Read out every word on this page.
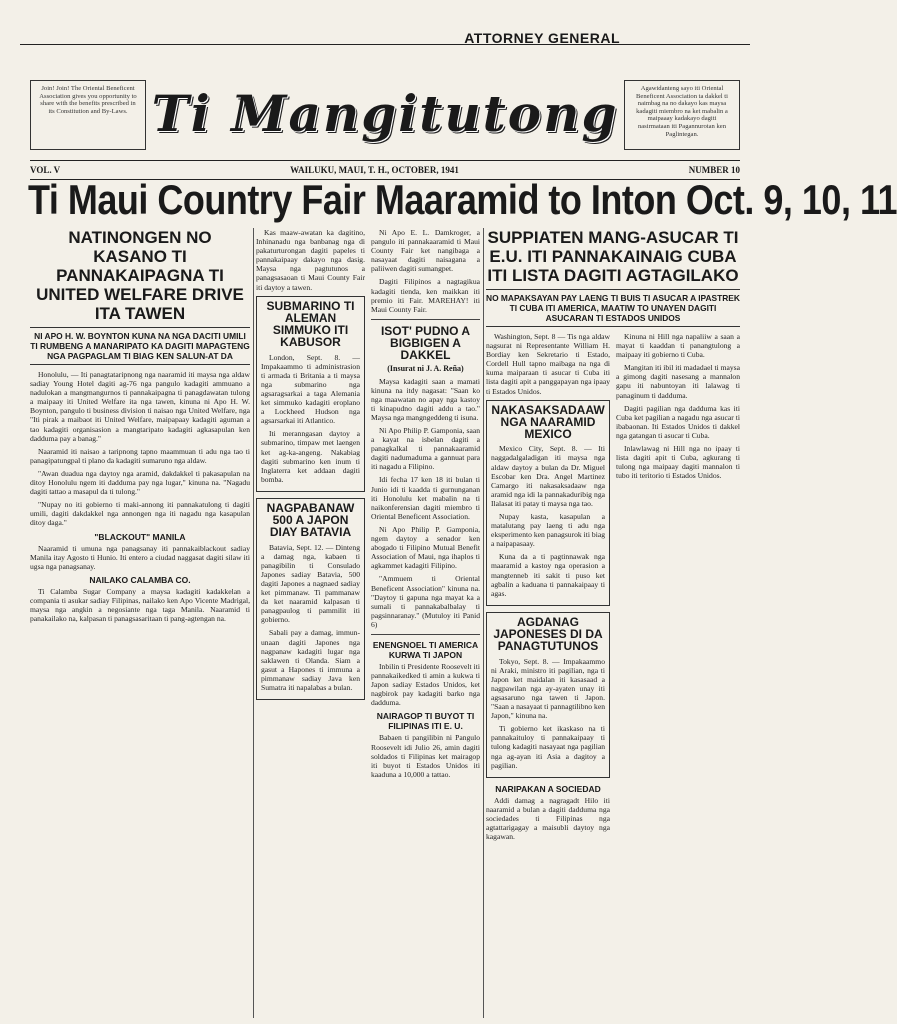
ATTORNEY GENERAL
Join! Join! The Oriental Beneficent Association gives you opportunity to share with the benefits prescribed in its Constitution and By-Laws. Ti Mangitutong	Agawidanteng sayo iti Oriental Beneficent Association ta dakkel ti naimbag na no dakayo kas maysa kadagiti miembro na ket mabalin a maipaaay kadakayo dagiti nasirmataan iti Pagannurotan ken Paglintegan.
VOL. V	WAILUKU, MAUI, T. H., OCTOBER, 1941	NUMBER 10
Ti Maui Country Fair Maaramid to Inton Oct. 9, 10, 11
NATINONGEN NO KASANO TI PANNAKAIPAGNA TI UNITED WELFARE DRIVE ITA TAWEN
NI APO H. W. BOYNTON KUNA NA NGA DACITI UMILI TI RUMBENG A MANARIPATO KA DAGITI MAPAGTENG NGA PAGPAGLAM TI BIAG KEN SALUN-AT DA

Honolulu, — Iti panagtataripnong nga naaramid iti maysa nga aldaw sadiay Young Hotel dagiti ag-76 nga pangulo kadagiti ammuano a nadulokan a mangmangurnos ti pannakaipagna ti panagdawatan tulong a maipaay iti United Welfare ita nga tawen, kinuna ni Apo H. W. Boynton, pangulo ti business division ti naisao nga United Welfare, nga "Iti pirak a maibaot iti United Welfare, maipapaay kadagiti aguman a tao kadagiti organisasion a mangtaripato kadagiti agkasapulan ken dadduma pay a banag."

Naaramid iti naisao a taripnong tapno maammuan ti adu nga tao ti panagipatungpal ti plano da kadagiti sumaruno nga aldaw.

"Awan duadua nga daytoy nga aramid, dakdakkel ti pakasapulan na ditoy Honolulu ngem iti dadduma pay nga lugar," kinuna na. "Nagadu dagiti tattao a masapul da ti tulong."

"Nupay no iti gobierno ti maki-annong iti pannakatulong ti dagiti umili, dagiti dakdakkel nga annongen nga iti nagadu nga kasapulan ditoy daga."

"BLACKOUT" MANILA

Naaramid ti umuna nga panagsanay iti pannakaiblackout sadiay Manila itay Agosto ti Hunio. Iti entero a ciudad naggasat dagiti silaw iti ugsa nga panagsanay.

NAILAKO CALAMBA CO.

Ti Calamba Sugar Company a maysa kadagiti kadakkelan a compania ti asukar sadiay Filipinas, nailako ken Apo Vicente Madrigal, maysa nga angkin a negosiante nga taga Manila. Naaramid ti panakailako na, kalpasan ti panagsasaritaan ti pang-agtengan na.

Kas maaw-awatan ka dagitino, Inhinanadu nga banbanag nga di pakaturturongan dagiti papeles ti pannakaipaay dakayo nga dasig. Maysa nga pagtutunos a panagsasaoan ti Maui County Fair iti daytoy a tawen.

SUBMARINO TI ALEMAN SIMMUKO ITI KABUSOR

London, Sept. 8. — Impakaammo ti administrasion ti armada ti Britania a ti maysa nga submarino nga agsaragsarkai a taga Alemania ket simmuko kadagiti eroplano a Lockheed Hudson nga agsarsarkai iti Atlantico.

Iti meranngasan daytoy a submarino, timpaw met laengen ket ag-ka-angeng. Nakabiag dagiti submarino ken inum ti Inglaterra ket addaan dagiti bomba.

NAGPABANAW 500 A JAPON DIAY BATAVIA

Batavia, Sept. 12. — Dinteng a damag nga, kabaen ti panagibilin ti Consulado Japones sadiay Batavia, 500 dagiti Japones a nagnaed sadiay ket pimmanaw. Ti pammanaw da ket naaramid kalpasan ti panagpaulog ti pammilit iti gobierno.

Sabali pay a damag, immun-unaan dagiti Japones nga nagpanaw kadagiti lugar nga saklawen ti Olanda. Siam a gasut a Hapones ti immuna a pimmanaw sadiay Java ken Sumatra iti napalabas a bulan.

Ni Apo E. L. Damkroger, a pangulo iti pannakaaramid ti Maui County Fair ket nangibaga a nasayaat dagiti naisagana a paliiwen dagiti sumangpet.

Dagiti Filipinos a nagtagikua kadagiti tienda, ken maikkan iti premio iti Fair. MAREHAY! iti Maui County Fair.

ISOT' PUDNO A BIGBIGEN A DAKKEL
(Insurat ni J. A. Reña)

Maysa kadagiti saan a mamati kinuna na itdy nagasat: "Saan ko nga maawatan no apay nga kastoy ti kinapudno dagiti addu a tao." Maysa nga mangngeddeng ti isuna.

Ni Apo Philip P. Gamponia, saan a kayat na isbelan dagiti a panagkalkal ti pannakaaramid dagiti nadumaduma a gannuat para iti nagadu a Filipino.

Idi fecha 17 ken 18 iti bulan ti Junio idi ti kaadda ti gurnunganan iti Honolulu ket mabalin na ti naikonferensian dagiti miembro ti Oriental Beneficent Association.

Ni Apo Philip P. Gamponia, ngem daytoy a senador ken abogado ti Filipino Mutual Benefit Association of Maui, nga ihaplos ti agkammet kadagiti Filipino.

"Ammuem ti Oriental Beneficent Association" kinuna na. "Daytoy ti gapuna nga mayat ka a sumali ti pannakabalbalay ti pagsinnaranay." (Mutuloy iti Panid 6)

ENENGNOEL TI AMERICA KURWA TI JAPON

Inbilin ti Presidente Roosevelt iti pannakaikedked ti amin a kukwa ti Japon sadiay Estados Unidos, ket nagbirok pay kadagiti barko nga dadduma.

NAIRAGOP TI BUYOT TI FILIPINAS ITI E. U.

Babaen ti pangilibin ni Pangulo Roosevelt idi Julio 26, amin dagiti soldados ti Filipinas ket mairagop iti buyot ti Estados Unidos iti kaaduna a 10,000 a tattao.

SUPPIATEN MANG-ASUCAR TI E.U. ITI PANNAKAINAIG CUBA ITI LISTA DAGITI AGTAGILAKO
NO MAPAKSAYAN PAY LAENG TI BUIS TI ASUCAR A IPASTREK TI CUBA ITI AMERICA, MAATIW TO UNAYEN DAGITI ASUCARAN TI ESTADOS UNIDOS

Washington, Sept. 8 — Tis nga aldaw nagsurat ni Representante William H. Bordiay ken Sekretario ti Estado, Cordell Hull tapno maibaga na nga di kuma maiparaan ti asucar ti Cuba iti lista dagiti apit a panggapayan nga ipaay ti Estados Unidos.

NAKASAKSADAAW NGA NAARAMID MEXICO

Mexico City, Sept. 8. — Iti naggadalgaladigan iti maysa nga aldaw daytoy a bulan da Dr. Miguel Escobar ken Dra. Angel Martinez Camargo iti nakasaksadaaw nga aramid nga idi la pannakaduribig nga Ilalasat iti patay ti maysa nga tao.

Nupay kasta, kasapulan a matalutang pay laeng ti adu nga eksperimento ken panagsurok iti biag a naipapasaay.

Kuna da a ti pagtinnawak nga maaramid a kastoy nga operasion a mangtenneb iti sakit ti puso ket agbalin a kaduana ti pannakaipaay ti agas.

AGDANAG JAPONESES DI DA PANAGTUTUNOS

Tokyo, Sept. 8. — Impakaammo ni Araki, ministro iti pagilian, nga ti Japon ket maidalan iti kasasaad a nagpawilan nga ay-ayaten unay iti agsasaruno nga tawen ti Japon. "Saan a nasayaat ti pannagtilibno ken Japon," kinuna na.

Ti gobierno ket ikaskaso na ti pannakaituloy ti pannakaipaay ti tulong kadagiti nasayaat nga pagilian nga ag-ayan iti Asia a dagitoy a pagilian.

NARIPAKAN A SOCIEDAD

Addi damag a nagragadt Hilo iti naaramid a bulan a dagiti dadduma nga sociedades ti Filipinas nga agtattarigagay a maisubli daytoy nga kagawan.

Kinuna ni Hill nga napaliiw a saan a mayat ti kaaddan ti panangtulong a maipaay iti gobierno ti Cuba.

Mangitan iti ibil iti madadael ti maysa a gimong dagiti nasesang a mannalon gapu iti nabuntoyan iti lalawag ti panaginum ti dadduma.

Dagiti pagilian nga dadduma kas iti Cuba ket pagilian a nagadu nga asucar ti ibabaonan. Iti Estados Unidos ti dakkel nga gatangan ti asucar ti Cuba.

Inlawlawag ni Hill nga no ipaay ti lista dagiti apit ti Cuba, agkurang ti tulong nga maipaay dagiti mannalon ti tubo iti teritorio ti Estados Unidos.
